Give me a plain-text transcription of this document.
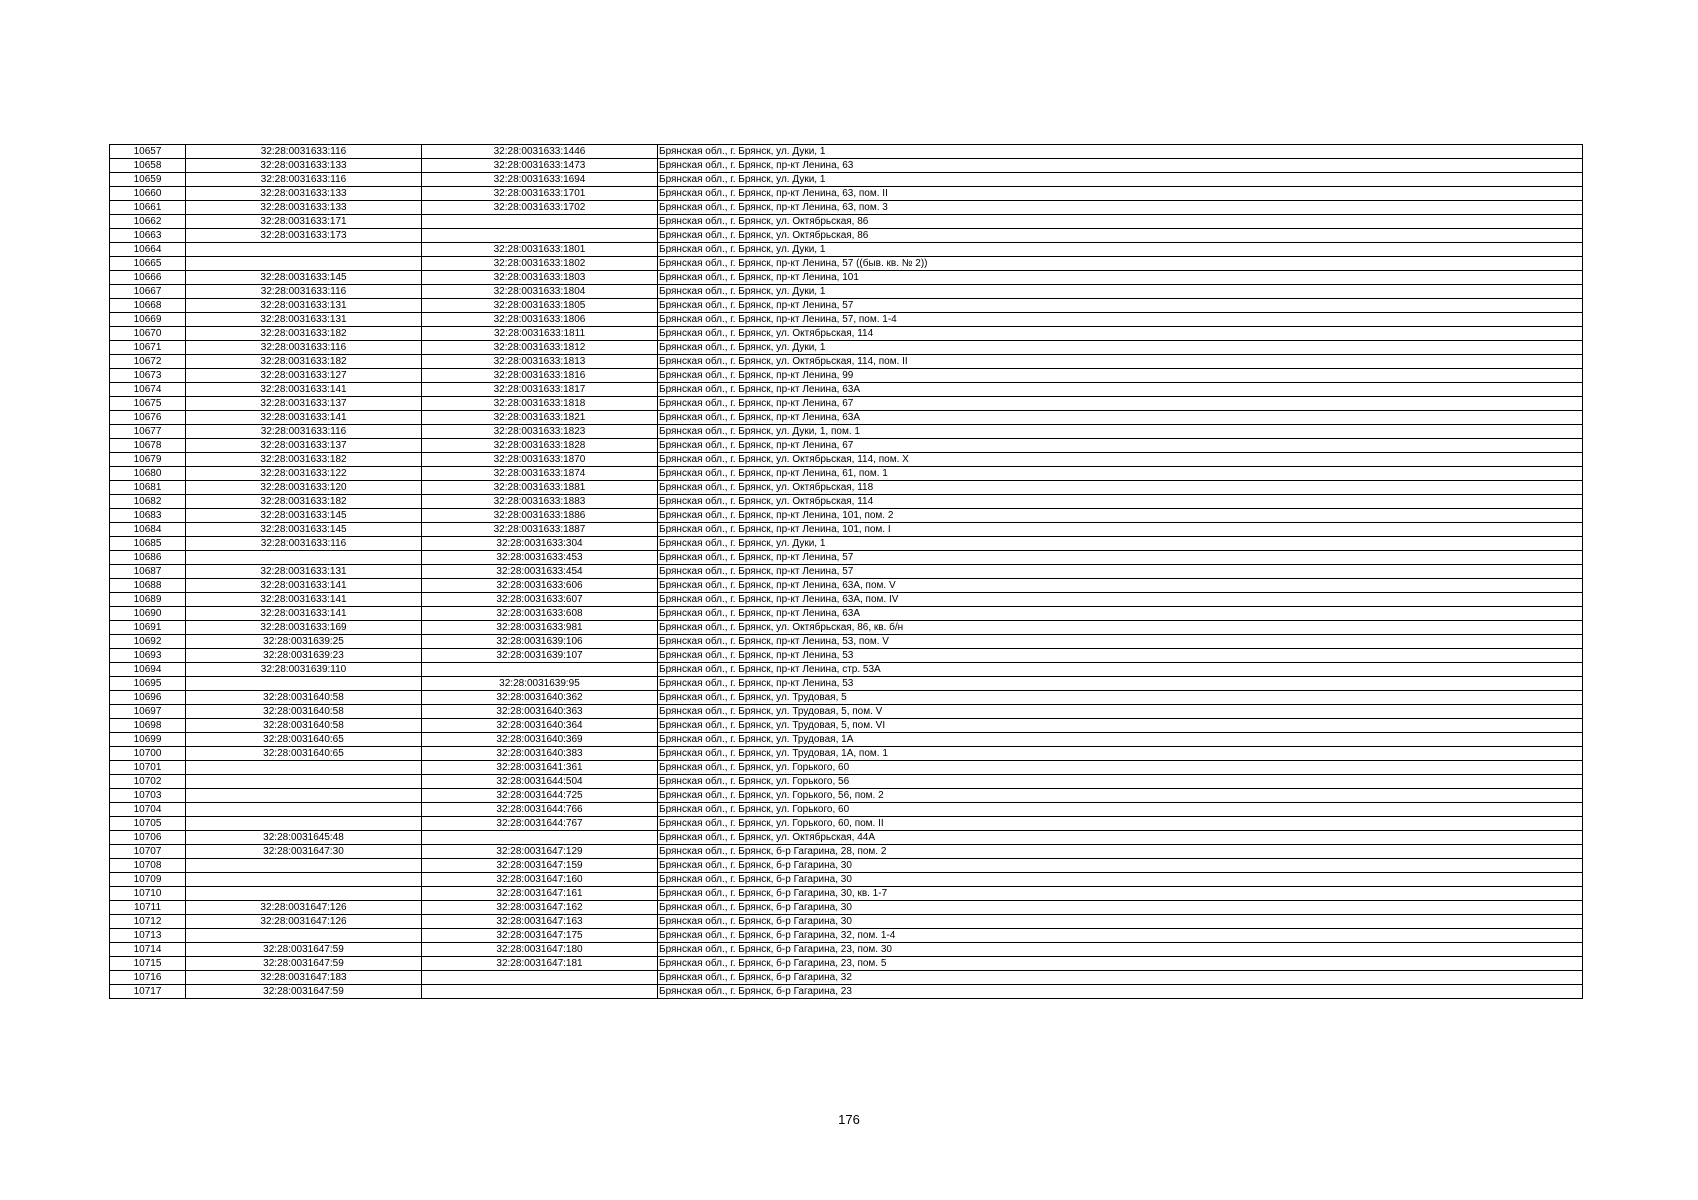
10657	32:28:0031633:116	32:28:0031633:1446	Брянская обл., г. Брянск, ул. Дуки, 1
10658	32:28:0031633:133	32:28:0031633:1473	Брянская обл., г. Брянск, пр-кт Ленина, 63
10659	32:28:0031633:116	32:28:0031633:1694	Брянская обл., г. Брянск, ул. Дуки, 1
10660	32:28:0031633:133	32:28:0031633:1701	Брянская обл., г. Брянск, пр-кт Ленина, 63, пом. II
10661	32:28:0031633:133	32:28:0031633:1702	Брянская обл., г. Брянск, пр-кт Ленина, 63, пом. 3
10662	32:28:0031633:171		Брянская обл., г. Брянск, ул. Октябрьская, 86
10663	32:28:0031633:173		Брянская обл., г. Брянск, ул. Октябрьская, 86
10664		32:28:0031633:1801	Брянская обл., г. Брянск, ул. Дуки, 1
10665		32:28:0031633:1802	Брянская обл., г. Брянск, пр-кт Ленина, 57 ((быв. кв. № 2))
10666	32:28:0031633:145	32:28:0031633:1803	Брянская обл., г. Брянск, пр-кт Ленина, 101
10667	32:28:0031633:116	32:28:0031633:1804	Брянская обл., г. Брянск, ул. Дуки, 1
10668	32:28:0031633:131	32:28:0031633:1805	Брянская обл., г. Брянск, пр-кт Ленина, 57
10669	32:28:0031633:131	32:28:0031633:1806	Брянская обл., г. Брянск, пр-кт Ленина, 57, пом. 1-4
10670	32:28:0031633:182	32:28:0031633:1811	Брянская обл., г. Брянск, ул. Октябрьская, 114
10671	32:28:0031633:116	32:28:0031633:1812	Брянская обл., г. Брянск, ул. Дуки, 1
10672	32:28:0031633:182	32:28:0031633:1813	Брянская обл., г. Брянск, ул. Октябрьская, 114, пом. II
10673	32:28:0031633:127	32:28:0031633:1816	Брянская обл., г. Брянск, пр-кт Ленина, 99
10674	32:28:0031633:141	32:28:0031633:1817	Брянская обл., г. Брянск, пр-кт Ленина, 63А
10675	32:28:0031633:137	32:28:0031633:1818	Брянская обл., г. Брянск, пр-кт Ленина, 67
10676	32:28:0031633:141	32:28:0031633:1821	Брянская обл., г. Брянск, пр-кт Ленина, 63А
10677	32:28:0031633:116	32:28:0031633:1823	Брянская обл., г. Брянск, ул. Дуки, 1, пом. 1
10678	32:28:0031633:137	32:28:0031633:1828	Брянская обл., г. Брянск, пр-кт Ленина, 67
10679	32:28:0031633:182	32:28:0031633:1870	Брянская обл., г. Брянск, ул. Октябрьская, 114, пом. X
10680	32:28:0031633:122	32:28:0031633:1874	Брянская обл., г. Брянск, пр-кт Ленина, 61, пом. 1
10681	32:28:0031633:120	32:28:0031633:1881	Брянская обл., г. Брянск, ул. Октябрьская, 118
10682	32:28:0031633:182	32:28:0031633:1883	Брянская обл., г. Брянск, ул. Октябрьская, 114
10683	32:28:0031633:145	32:28:0031633:1886	Брянская обл., г. Брянск, пр-кт Ленина, 101, пом. 2
10684	32:28:0031633:145	32:28:0031633:1887	Брянская обл., г. Брянск, пр-кт Ленина, 101, пом. I
10685	32:28:0031633:116	32:28:0031633:304	Брянская обл., г. Брянск, ул. Дуки, 1
10686		32:28:0031633:453	Брянская обл., г. Брянск, пр-кт Ленина, 57
10687	32:28:0031633:131	32:28:0031633:454	Брянская обл., г. Брянск, пр-кт Ленина, 57
10688	32:28:0031633:141	32:28:0031633:606	Брянская обл., г. Брянск, пр-кт Ленина, 63А, пом. V
10689	32:28:0031633:141	32:28:0031633:607	Брянская обл., г. Брянск, пр-кт Ленина, 63А, пом. IV
10690	32:28:0031633:141	32:28:0031633:608	Брянская обл., г. Брянск, пр-кт Ленина, 63А
10691	32:28:0031633:169	32:28:0031633:981	Брянская обл., г. Брянск, ул. Октябрьская, 86, кв. б/н
10692	32:28:0031639:25	32:28:0031639:106	Брянская обл., г. Брянск, пр-кт Ленина, 53, пом. V
10693	32:28:0031639:23	32:28:0031639:107	Брянская обл., г. Брянск, пр-кт Ленина, 53
10694	32:28:0031639:110		Брянская обл., г. Брянск, пр-кт Ленина, стр. 53А
10695		32:28:0031639:95	Брянская обл., г. Брянск, пр-кт Ленина, 53
10696	32:28:0031640:58	32:28:0031640:362	Брянская обл., г. Брянск, ул. Трудовая, 5
10697	32:28:0031640:58	32:28:0031640:363	Брянская обл., г. Брянск, ул. Трудовая, 5, пом. V
10698	32:28:0031640:58	32:28:0031640:364	Брянская обл., г. Брянск, ул. Трудовая, 5, пом. VI
10699	32:28:0031640:65	32:28:0031640:369	Брянская обл., г. Брянск, ул. Трудовая, 1А
10700	32:28:0031640:65	32:28:0031640:383	Брянская обл., г. Брянск, ул. Трудовая, 1А, пом. 1
10701		32:28:0031641:361	Брянская обл., г. Брянск, ул. Горького, 60
10702		32:28:0031644:504	Брянская обл., г. Брянск, ул. Горького, 56
10703		32:28:0031644:725	Брянская обл., г. Брянск, ул. Горького, 56, пом. 2
10704		32:28:0031644:766	Брянская обл., г. Брянск, ул. Горького, 60
10705		32:28:0031644:767	Брянская обл., г. Брянск, ул. Горького, 60, пом. II
10706	32:28:0031645:48		Брянская обл., г. Брянск, ул. Октябрьская, 44А
10707	32:28:0031647:30	32:28:0031647:129	Брянская обл., г. Брянск, б-р Гагарина, 28, пом. 2
10708		32:28:0031647:159	Брянская обл., г. Брянск, б-р Гагарина, 30
10709		32:28:0031647:160	Брянская обл., г. Брянск, б-р Гагарина, 30
10710		32:28:0031647:161	Брянская обл., г. Брянск, б-р Гагарина, 30, кв. 1-7
10711	32:28:0031647:126	32:28:0031647:162	Брянская обл., г. Брянск, б-р Гагарина, 30
10712	32:28:0031647:126	32:28:0031647:163	Брянская обл., г. Брянск, б-р Гагарина, 30
10713		32:28:0031647:175	Брянская обл., г. Брянск, б-р Гагарина, 32, пом. 1-4
10714	32:28:0031647:59	32:28:0031647:180	Брянская обл., г. Брянск, б-р Гагарина, 23, пом. 30
10715	32:28:0031647:59	32:28:0031647:181	Брянская обл., г. Брянск, б-р Гагарина, 23, пом. 5
10716	32:28:0031647:183		Брянская обл., г. Брянск, б-р Гагарина, 32
10717	32:28:0031647:59		Брянская обл., г. Брянск, б-р Гагарина, 23
176
